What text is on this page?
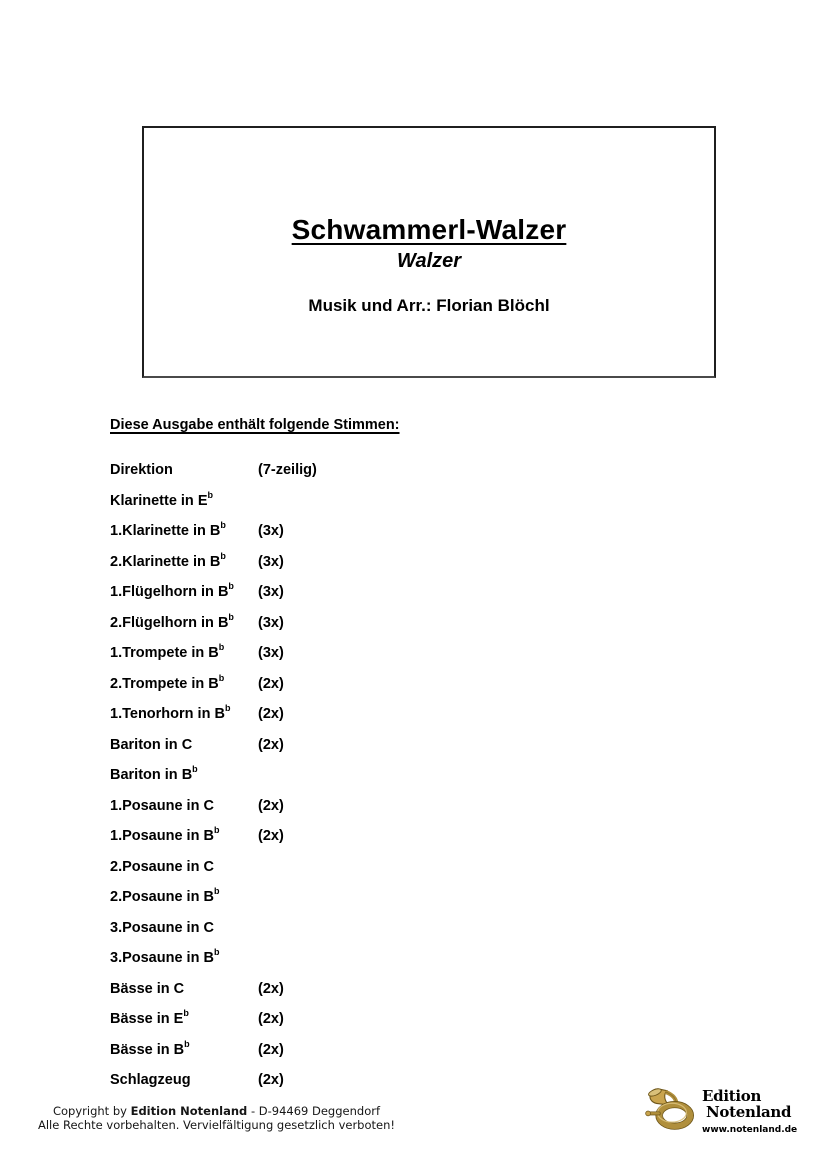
Schwammerl-Walzer
Walzer
Musik und Arr.: Florian Blöchl
Diese Ausgabe enthält folgende Stimmen:
Direktion	(7-zeilig)
Klarinette in $E^b$
1.Klarinette in $B^b$	(3x)
2.Klarinette in $B^b$	(3x)
1.Flügelhorn in $B^b$	(3x)
2.Flügelhorn in $B^b$	(3x)
1.Trompete in $B^b$	(3x)
2.Trompete in $B^b$	(2x)
1.Tenorhorn in $B^b$	(2x)
Bariton in C	(2x)
Bariton in $B^b$
1.Posaune in C	(2x)
1.Posaune in $B^b$	(2x)
2.Posaune in C
2.Posaune in $B^b$
3.Posaune in C
3.Posaune in $B^b$
Bässe in C	(2x)
Bässe in $E^b$	(2x)
Bässe in $B^b$	(2x)
Schlagzeug	(2x)
Copyright by Edition Notenland - D-94469 Deggendorf
Alle Rechte vorbehalten. Vervielfältigung gesetzlich verboten!
Edition
Notenland
www.notenland.de
